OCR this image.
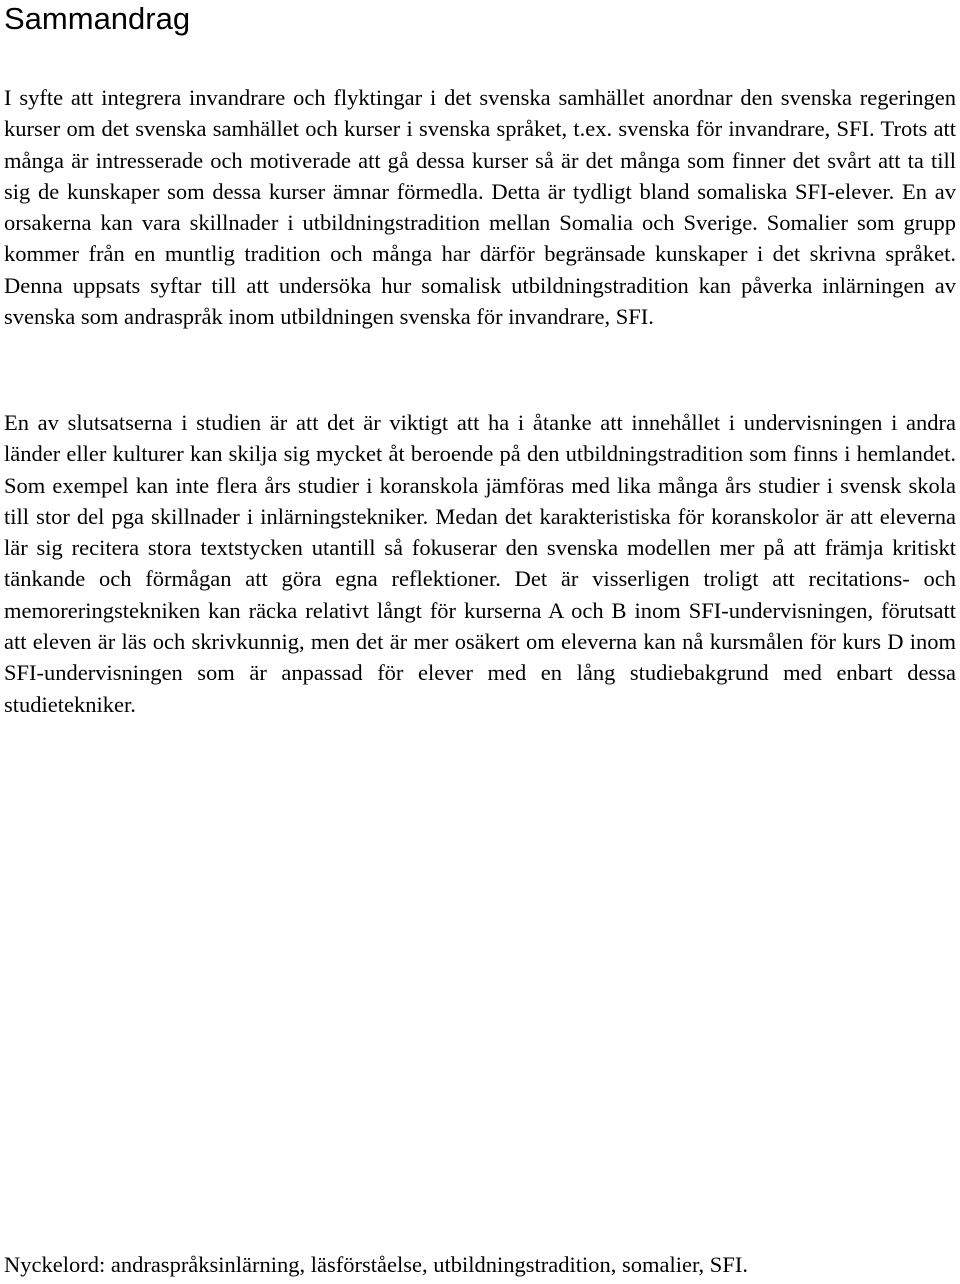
Sammandrag

I syfte att integrera invandrare och flyktingar i det svenska samhället anordnar den svenska regeringen kurser om det svenska samhället och kurser i svenska språket, t.ex. svenska för invandrare, SFI. Trots att många är intresserade och motiverade att gå dessa kurser så är det många som finner det svårt att ta till sig de kunskaper som dessa kurser ämnar förmedla. Detta är tydligt bland somaliska SFI-elever. En av orsakerna kan vara skillnader i utbildningstradition mellan Somalia och Sverige. Somalier som grupp kommer från en muntlig tradition och många har därför begränsade kunskaper i det skrivna språket. Denna uppsats syftar till att undersöka hur somalisk utbildningstradition kan påverka inlärningen av svenska som andraspråk inom utbildningen svenska för invandrare, SFI.

En av slutsatserna i studien är att det är viktigt att ha i åtanke att innehållet i undervisningen i andra länder eller kulturer kan skilja sig mycket åt beroende på den utbildningstradition som finns i hemlandet. Som exempel kan inte flera års studier i koranskola jämföras med lika många års studier i svensk skola till stor del pga skillnader i inlärningstekniker. Medan det karakteristiska för koranskolor är att eleverna lär sig recitera stora textstycken utantill så fokuserar den svenska modellen mer på att främja kritiskt tänkande och förmågan att göra egna reflektioner. Det är visserligen troligt att recitations- och memoreringstekniken kan räcka relativt långt för kurserna A och B inom SFI-undervisningen, förutsatt att eleven är läs och skrivkunnig, men det är mer osäkert om eleverna kan nå kursmålen för kurs D inom SFI-undervisningen som är anpassad för elever med en lång studiebakgrund med enbart dessa studietekniker.

Nyckelord: andraspråksinlärning, läsförståelse, utbildningstradition, somalier, SFI.
